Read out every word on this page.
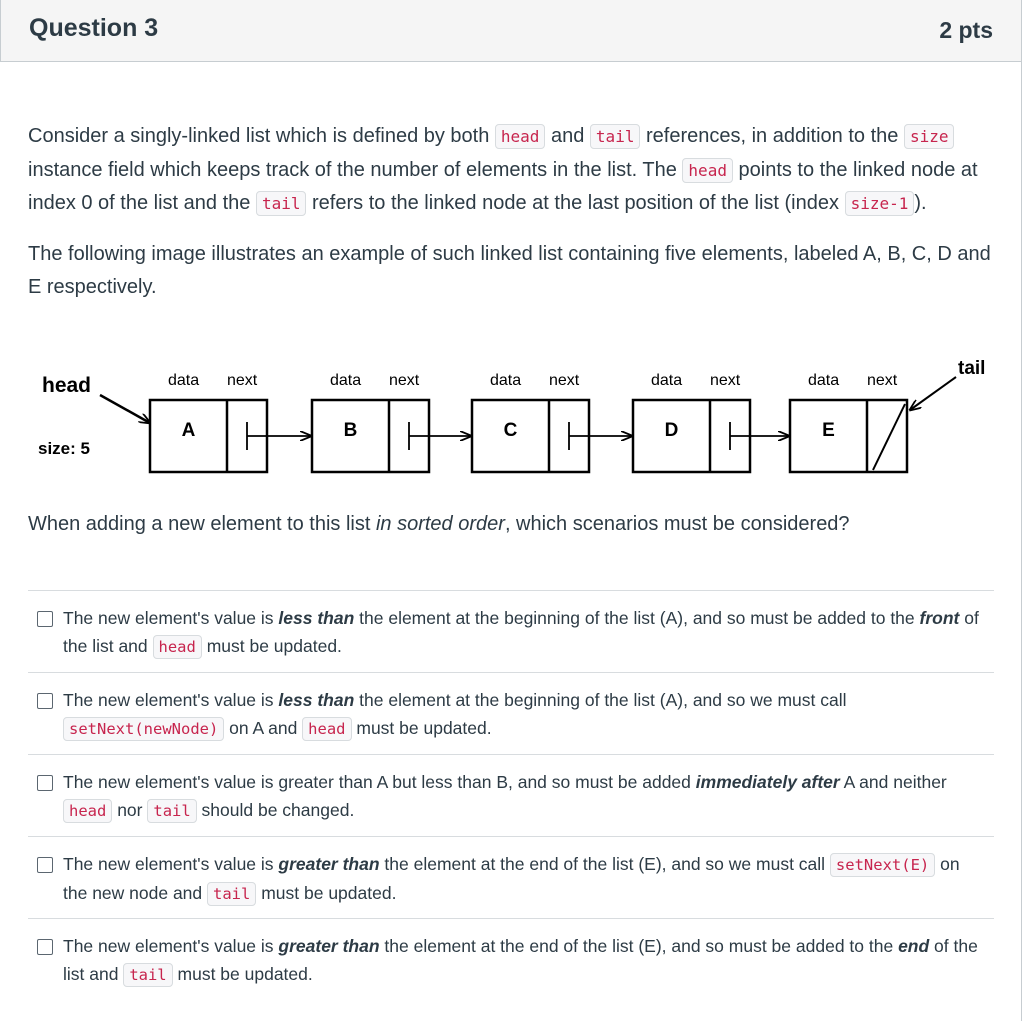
Question 3	2 pts

Consider a singly-linked list which is defined by both head and tail references, in addition to the size instance field which keeps track of the number of elements in the list. The head points to the linked node at index 0 of the list and the tail refers to the linked node at the last position of the list (index size-1 ).

The following image illustrates an example of such linked list containing five elements, labeled A, B, C, D and E respectively.

head
size: 5
tail
A
data next
B
data next
C
data next
D
data next
E
data next
When adding a new element to this list in sorted order, which scenarios must be considered?
The new element's value is less than the element at the beginning of the list (A), and so must be added to the front of the list and head must be updated.
The new element's value is less than the element at the beginning of the list (A), and so we must call setNext(newNode) on A and head must be updated.
The new element's value is greater than A but less than B, and so must be added immediately after A and neither head nor tail should be changed.
The new element's value is greater than the element at the end of the list (E), and so we must call setNext(E) on the new node and tail must be updated.
The new element's value is greater than the element at the end of the list (E), and so must be added to the end of the list and tail must be updated.
